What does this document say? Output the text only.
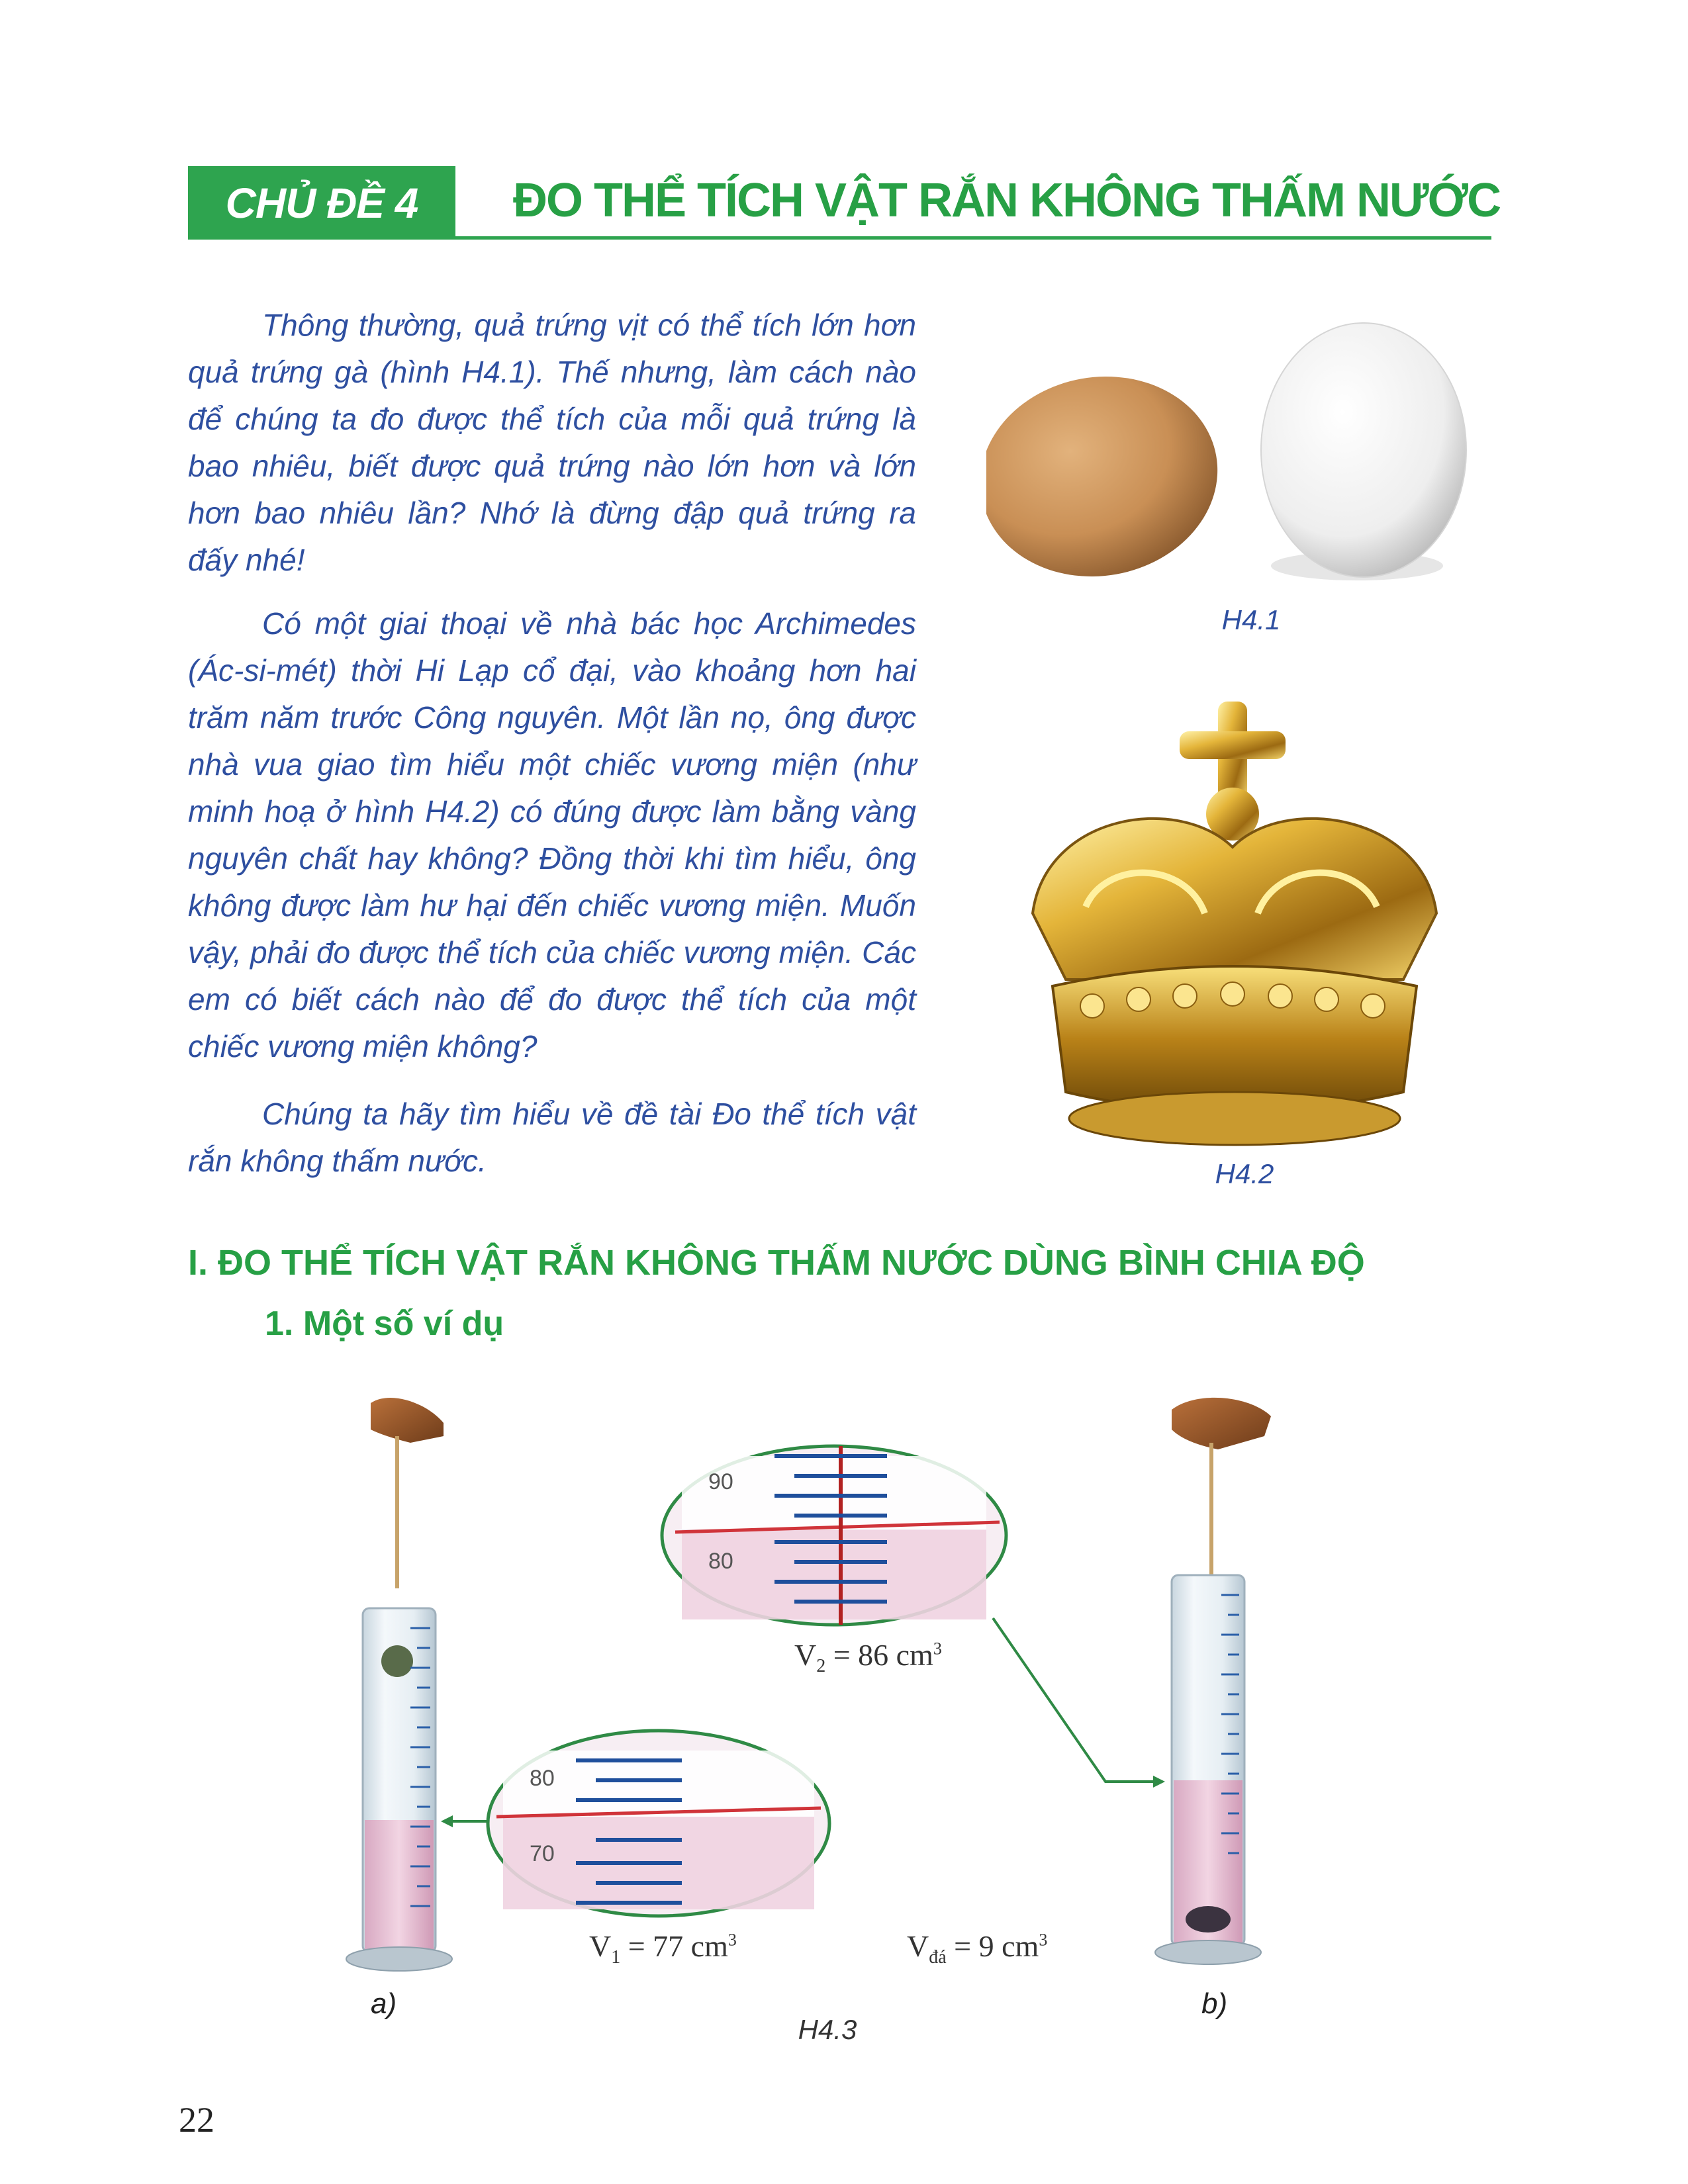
CHỦ ĐỀ 4	ĐO THỂ TÍCH VẬT RẮN KHÔNG THẤM NƯỚC

Thông thường, quả trứng vịt có thể tích lớn hơn quả trứng gà (hình H4.1). Thế nhưng, làm cách nào để chúng ta đo được thể tích của mỗi quả trứng là bao nhiêu, biết được quả trứng nào lớn hơn và lớn hơn bao nhiêu lần? Nhớ là đừng đập quả trứng ra đấy nhé!

Có một giai thoại về nhà bác học Archimedes (Ác-si-mét) thời Hi Lạp cổ đại, vào khoảng hơn hai trăm năm trước Công nguyên. Một lần nọ, ông được nhà vua giao tìm hiểu một chiếc vương miện (như minh hoạ ở hình H4.2) có đúng được làm bằng vàng nguyên chất hay không? Đồng thời khi tìm hiểu, ông không được làm hư hại đến chiếc vương miện. Muốn vậy, phải đo được thể tích của chiếc vương miện. Các em có biết cách nào để đo được thể tích của một chiếc vương miện không?

Chúng ta hãy tìm hiểu về đề tài Đo thể tích vật rắn không thấm nước.

H4.1
H4.2
I. ĐO THỂ TÍCH VẬT RẮN KHÔNG THẤM NƯỚC DÙNG BÌNH CHIA ĐỘ
1. Một số ví dụ
80
70
90
80
$V_2 = 86$ $cm^3$
$V_1 = 77$ $cm^3$	$V_{đá} = 9$ $cm^3$
a)	b)
H4.3
22
